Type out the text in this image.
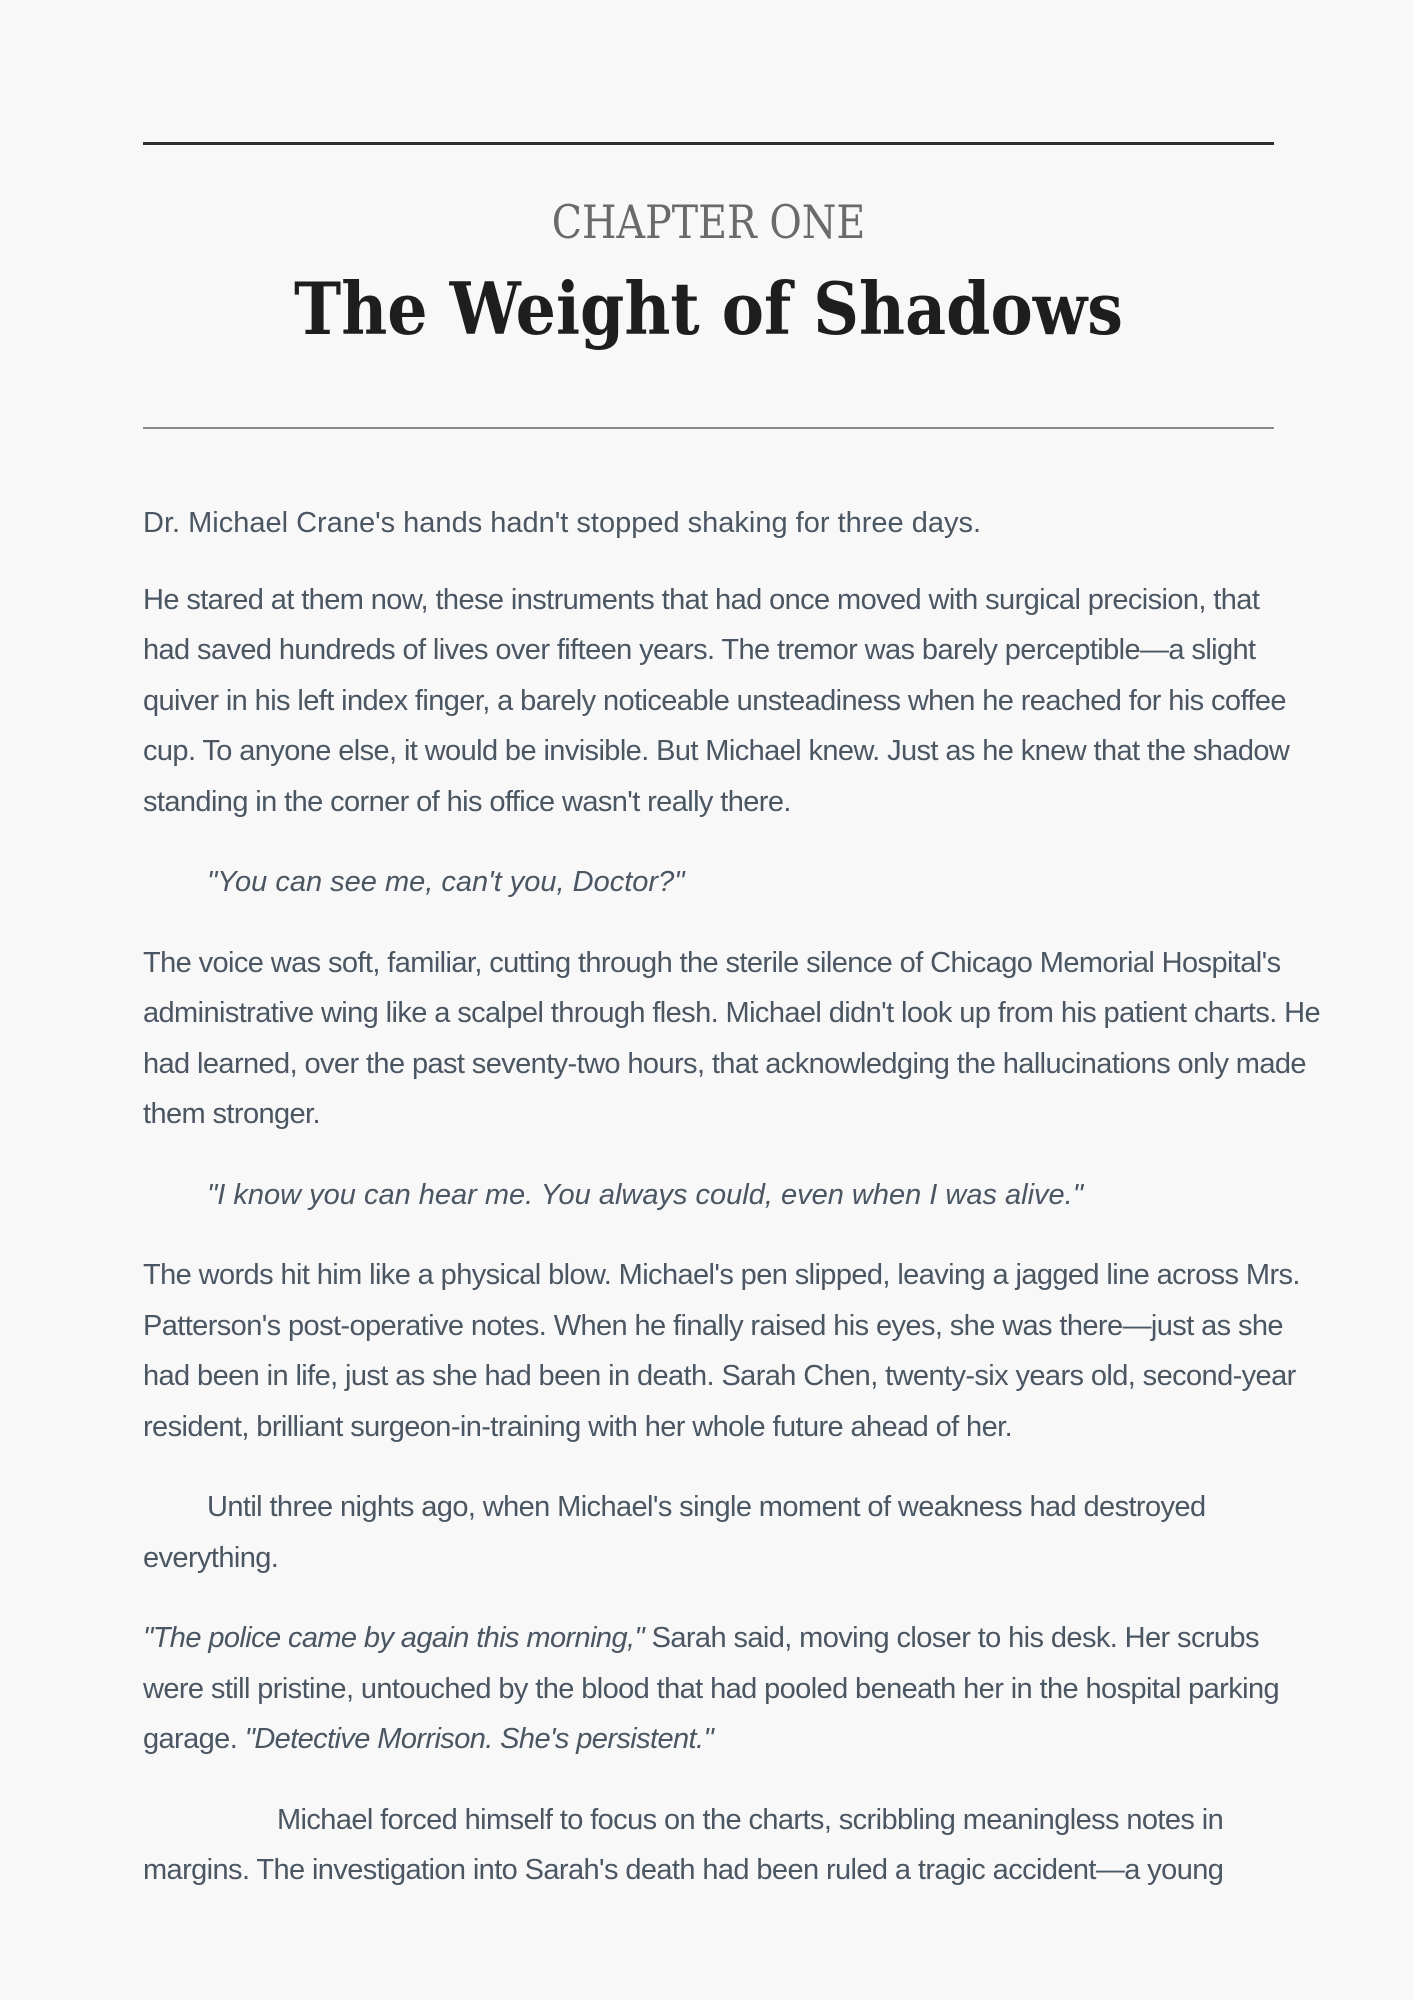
CHAPTER ONE
The Weight of Shadows

Dr. Michael Crane's hands hadn't stopped shaking for three days.

He stared at them now, these instruments that had once moved with surgical precision, that had saved hundreds of lives over fifteen years. The tremor was barely perceptible—a slight quiver in his left index finger, a barely noticeable unsteadiness when he reached for his coffee cup. To anyone else, it would be invisible. But Michael knew. Just as he knew that the shadow standing in the corner of his office wasn't really there.

"You can see me, can't you, Doctor?"

The voice was soft, familiar, cutting through the sterile silence of Chicago Memorial Hospital's administrative wing like a scalpel through flesh. Michael didn't look up from his patient charts. He had learned, over the past seventy-two hours, that acknowledging the hallucinations only made them stronger.

"I know you can hear me. You always could, even when I was alive."

The words hit him like a physical blow. Michael's pen slipped, leaving a jagged line across Mrs. Patterson's post-operative notes. When he finally raised his eyes, she was there—just as she had been in life, just as she had been in death. Sarah Chen, twenty-six years old, second-year resident, brilliant surgeon-in-training with her whole future ahead of her.

Until three nights ago, when Michael's single moment of weakness had destroyed everything.

"The police came by again this morning," Sarah said, moving closer to his desk. Her scrubs were still pristine, untouched by the blood that had pooled beneath her in the hospital parking garage. "Detective Morrison. She's persistent."

Michael forced himself to focus on the charts, scribbling meaningless notes in margins. The investigation into Sarah's death had been ruled a tragic accident—a young
